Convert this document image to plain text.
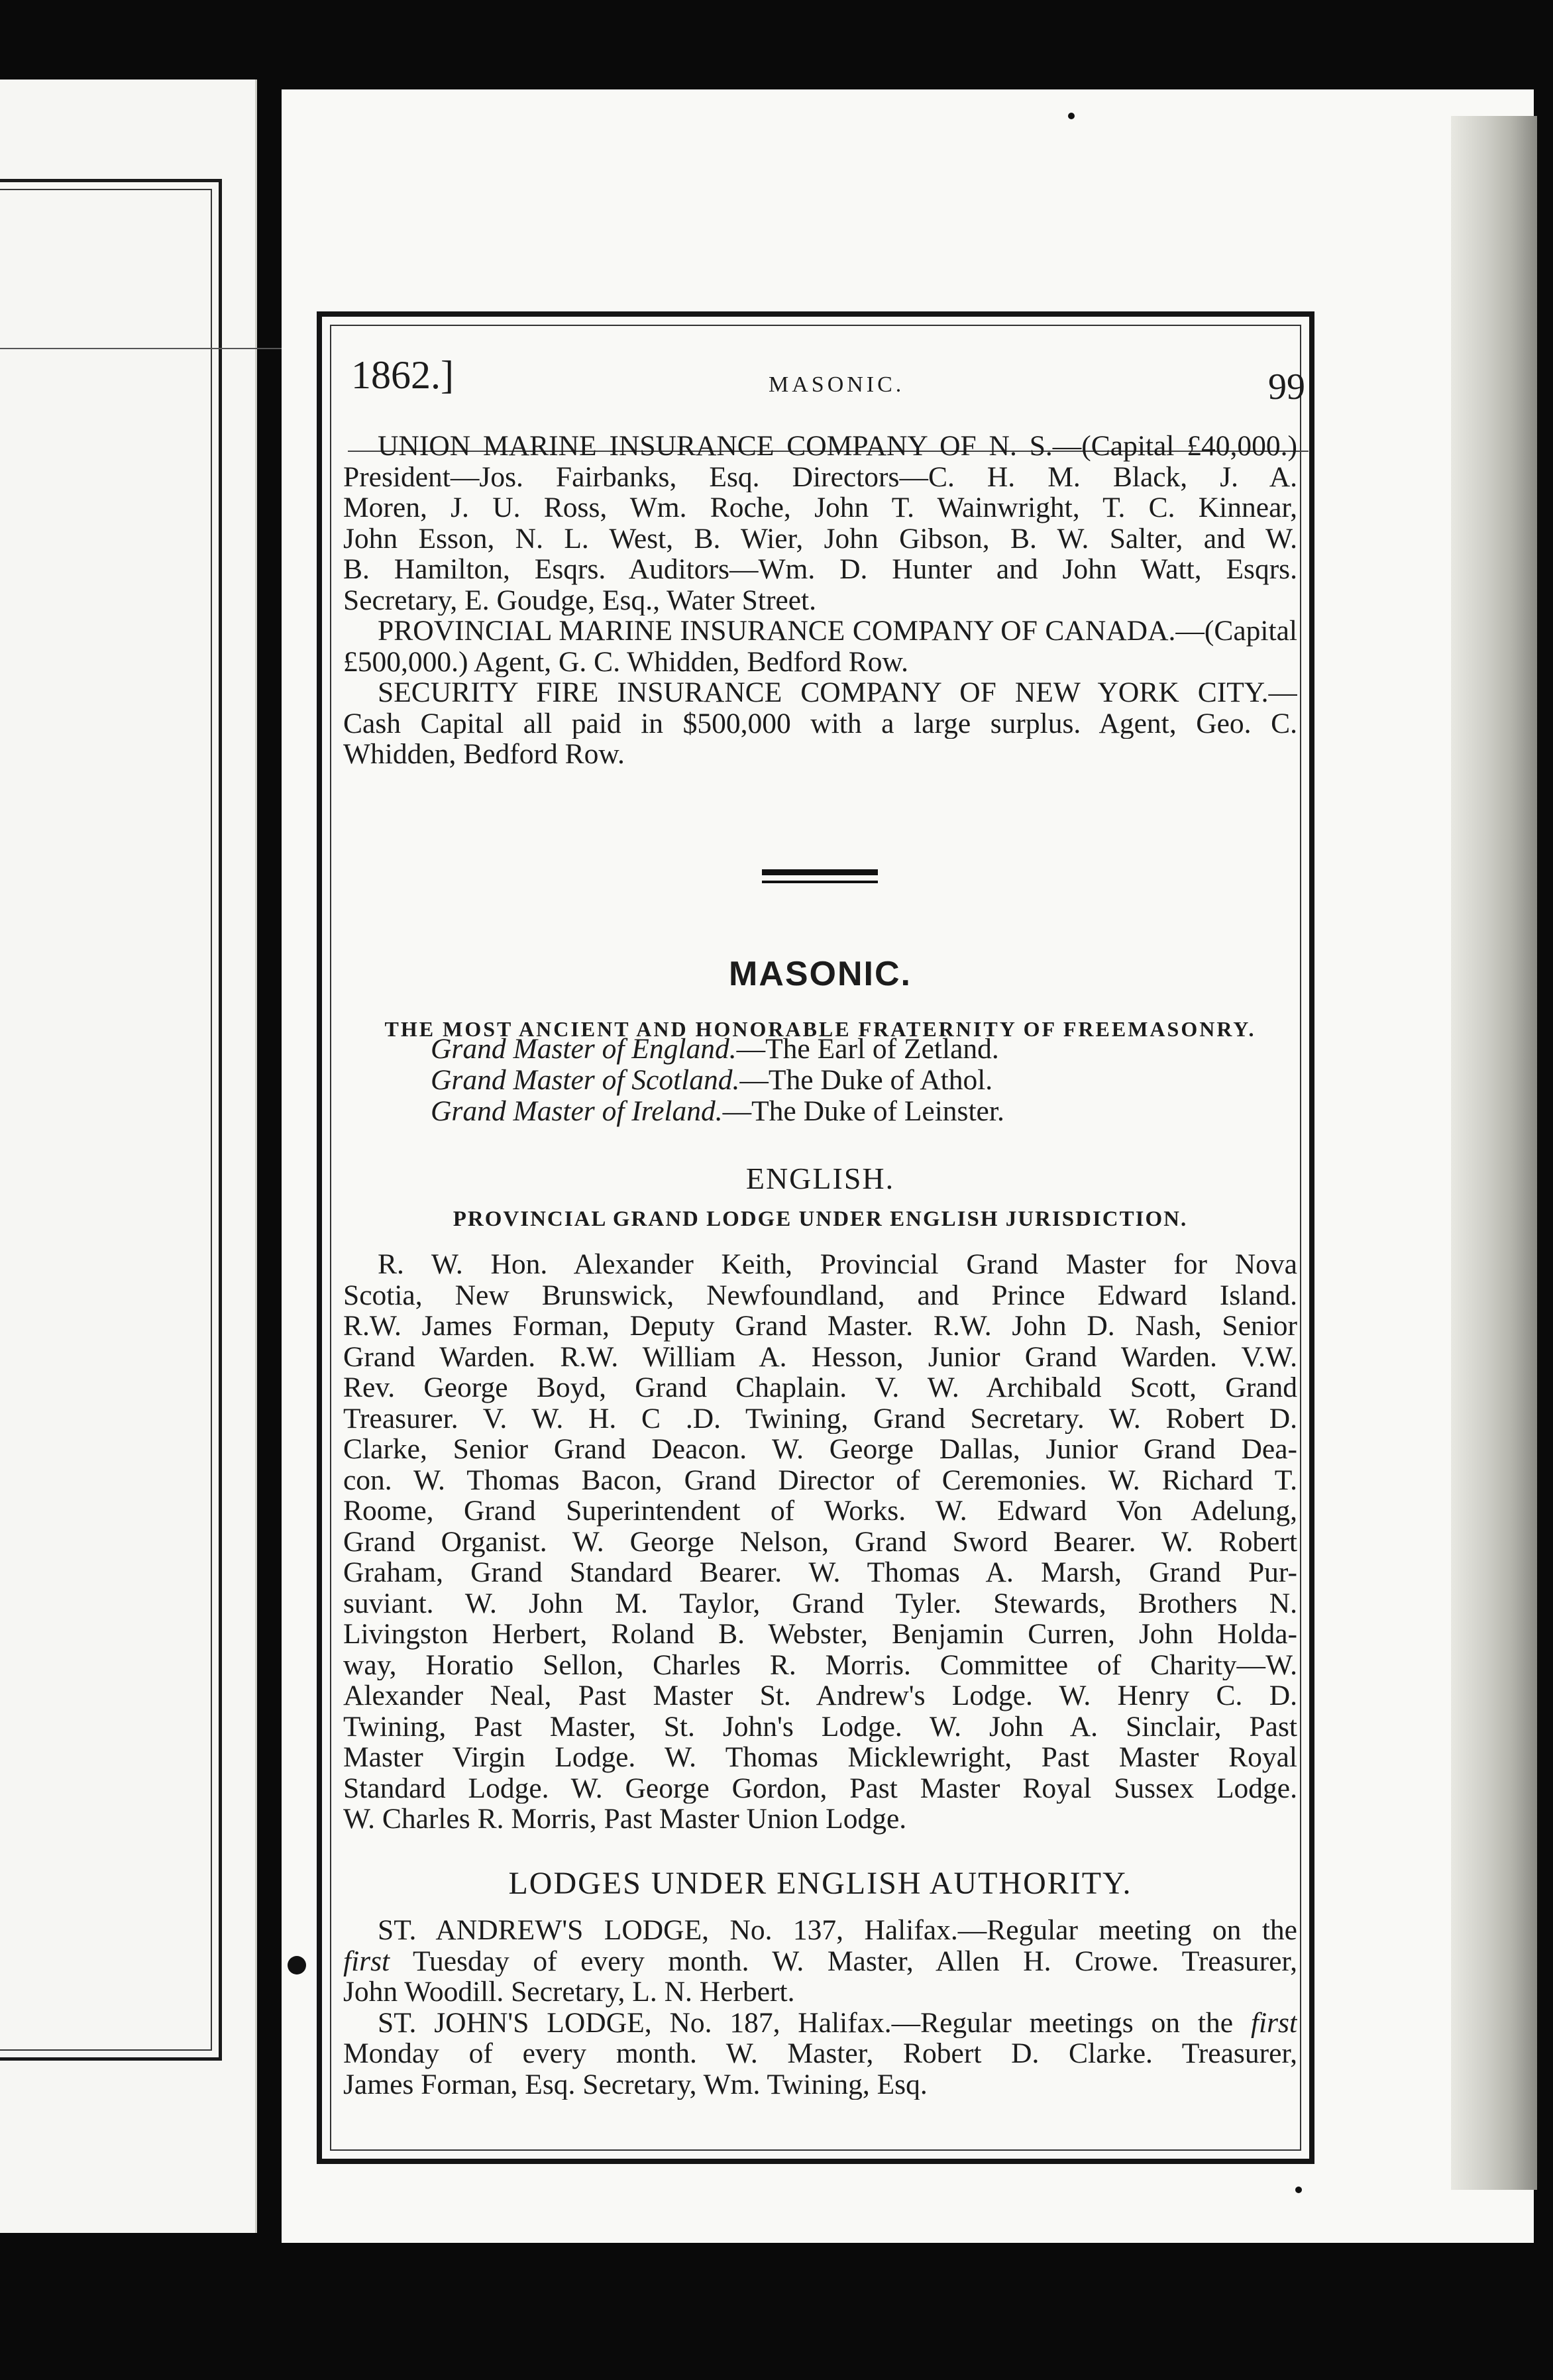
1862.]	MASONIC.	99
UNION MARINE INSURANCE COMPANY OF N. S.—(Capital £40,000.)
President—Jos. Fairbanks, Esq. Directors—C. H. M. Black, J. A.
Moren, J. U. Ross, Wm. Roche, John T. Wainwright, T. C. Kinnear,
John Esson, N. L. West, B. Wier, John Gibson, B. W. Salter, and W.
B. Hamilton, Esqrs. Auditors—Wm. D. Hunter and John Watt, Esqrs.
Secretary, E. Goudge, Esq., Water Street.
PROVINCIAL MARINE INSURANCE COMPANY OF CANADA.—(Capital
£500,000.) Agent, G. C. Whidden, Bedford Row.
SECURITY FIRE INSURANCE COMPANY OF NEW YORK CITY.—
Cash Capital all paid in $500,000 with a large surplus. Agent, Geo. C.
Whidden, Bedford Row.
MASONIC.
THE MOST ANCIENT AND HONORABLE FRATERNITY OF FREEMASONRY.
Grand Master of England.—The Earl of Zetland.
Grand Master of Scotland.—The Duke of Athol.
Grand Master of Ireland.—The Duke of Leinster.
ENGLISH.
PROVINCIAL GRAND LODGE UNDER ENGLISH JURISDICTION.
R. W. Hon. Alexander Keith, Provincial Grand Master for Nova
Scotia, New Brunswick, Newfoundland, and Prince Edward Island.
R.W. James Forman, Deputy Grand Master. R.W. John D. Nash, Senior
Grand Warden. R.W. William A. Hesson, Junior Grand Warden. V.W.
Rev. George Boyd, Grand Chaplain. V. W. Archibald Scott, Grand
Treasurer. V. W. H. C .D. Twining, Grand Secretary. W. Robert D.
Clarke, Senior Grand Deacon. W. George Dallas, Junior Grand Dea-
con. W. Thomas Bacon, Grand Director of Ceremonies. W. Richard T.
Roome, Grand Superintendent of Works. W. Edward Von Adelung,
Grand Organist. W. George Nelson, Grand Sword Bearer. W. Robert
Graham, Grand Standard Bearer. W. Thomas A. Marsh, Grand Pur-
suviant. W. John M. Taylor, Grand Tyler. Stewards, Brothers N.
Livingston Herbert, Roland B. Webster, Benjamin Curren, John Holda-
way, Horatio Sellon, Charles R. Morris. Committee of Charity—W.
Alexander Neal, Past Master St. Andrew's Lodge. W. Henry C. D.
Twining, Past Master, St. John's Lodge. W. John A. Sinclair, Past
Master Virgin Lodge. W. Thomas Micklewright, Past Master Royal
Standard Lodge. W. George Gordon, Past Master Royal Sussex Lodge.
W. Charles R. Morris, Past Master Union Lodge.
LODGES UNDER ENGLISH AUTHORITY.
ST. ANDREW'S LODGE, No. 137, Halifax.—Regular meeting on the
first Tuesday of every month. W. Master, Allen H. Crowe. Treasurer,
John Woodill. Secretary, L. N. Herbert.
ST. JOHN'S LODGE, No. 187, Halifax.—Regular meetings on the first
Monday of every month. W. Master, Robert D. Clarke. Treasurer,
James Forman, Esq. Secretary, Wm. Twining, Esq.
